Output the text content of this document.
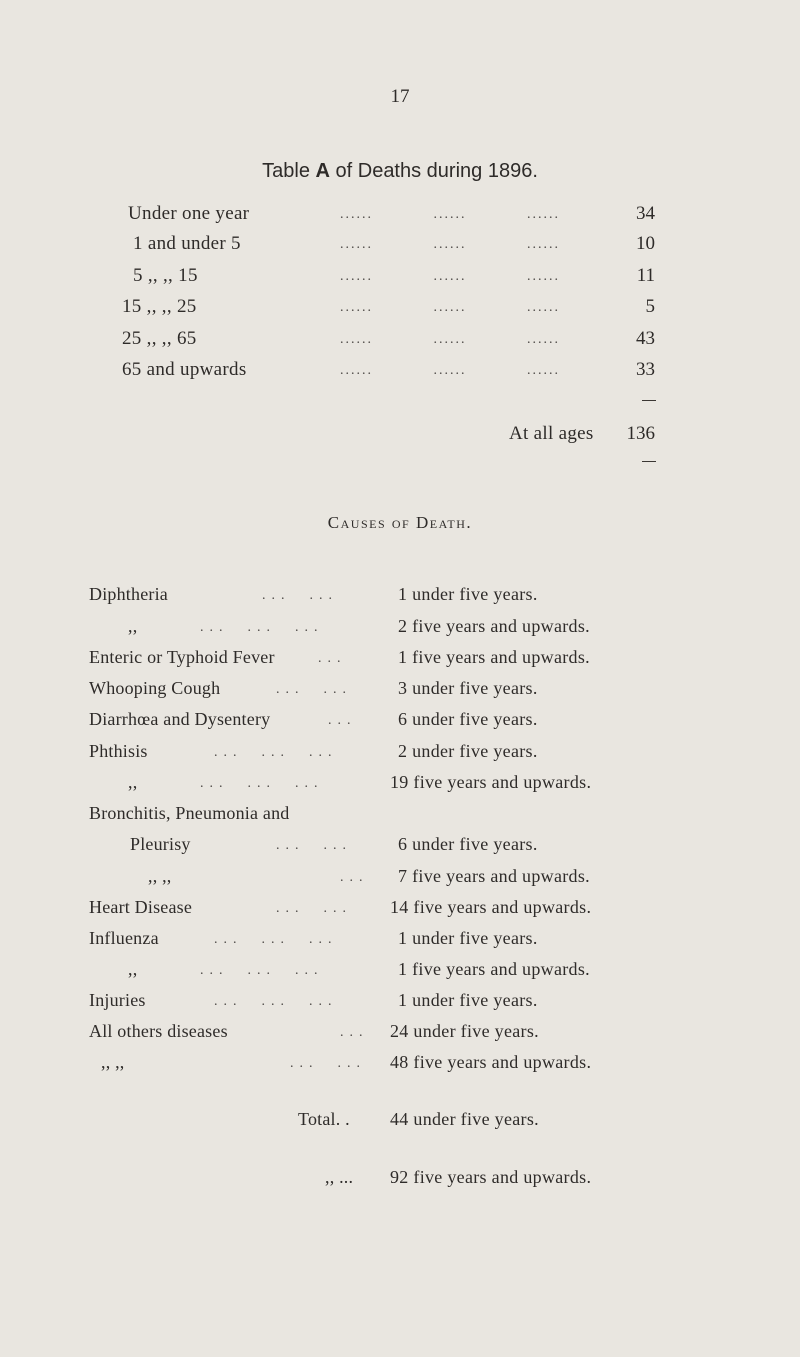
17
Table A of Deaths during 1896.
Under one year	......           ......           ......	34
1 and under 5	......           ......           ......	10
5 ,, ,, 15	......           ......           ......	11
15 ,, ,, 25	......           ......           ......	5
25 ,, ,, 65	......           ......           ......	43
65 and upwards	......           ......           ......	33
At all ages	136
Causes of Death.
Diphtheria	...  ...	1 under five years.
,,	...  ...  ...	2 five years and upwards.
Enteric or Typhoid Fever	...	1 five years and upwards.
Whooping Cough	...  ...	3 under five years.
Diarrhœa and Dysentery	... 6 under five years.
Phthisis	...  ...  ...	2 under five years.
,,	...  ...  ...	19 five years and upwards.
Bronchitis, Pneumonia and
Pleurisy	...  ...	6 under five years.
,, ,,	... 7 five years and upwards.
Heart Disease	...  ... 14 five years and upwards.
Influenza	...  ...  ...	1 under five years.
,,	...  ...  ...	1 five years and upwards.
Injuries	...  ...  ...	1 under five years.
All others diseases	... 24 under five years.
,, ,,	...  ... 48 five years and upwards.
Total. . 44 under five years.
,, ... 92 five years and upwards.
